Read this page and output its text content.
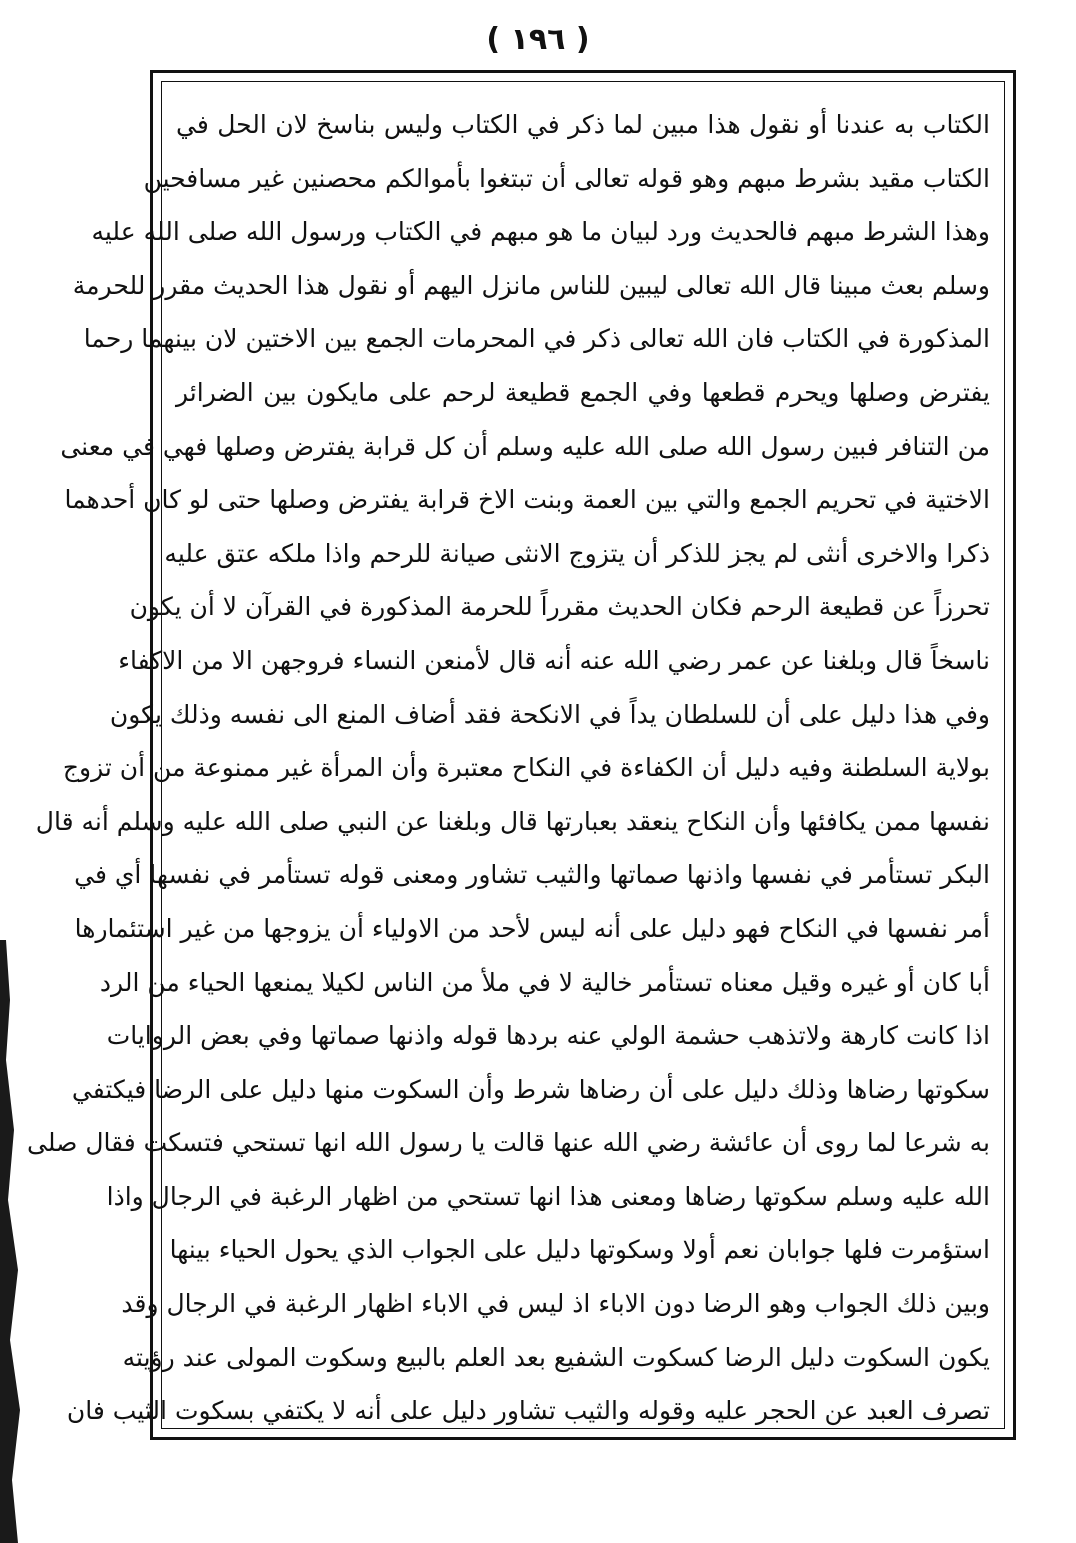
( ١٩٦ )
الكتاب به عندنا أو نقول هذا مبين لما ذكر في الكتاب وليس بناسخ لان الحل في
الكتاب مقيد بشرط مبهم وهو قوله تعالى أن تبتغوا بأموالكم محصنين غير مسافحين
وهذا الشرط مبهم فالحديث ورد لبيان ما هو مبهم في الكتاب ورسول الله صلى الله عليه
وسلم بعث مبينا قال الله تعالى ليبين للناس مانزل اليهم أو نقول هذا الحديث مقرر للحرمة
المذكورة في الكتاب فان الله تعالى ذكر في المحرمات الجمع بين الاختين لان بينهما رحما
يفترض وصلها ويحرم قطعها وفي الجمع قطيعة لرحم على مايكون بين الضرائر
من التنافر فبين رسول الله صلى الله عليه وسلم أن كل قرابة يفترض وصلها فهي في معنى
الاختية في تحريم الجمع والتي بين العمة وبنت الاخ قرابة يفترض وصلها حتى لو كان أحدهما
ذكرا والاخرى أنثى لم يجز للذكر أن يتزوج الانثى صيانة للرحم واذا ملكه عتق عليه
تحرزاً عن قطيعة الرحم فكان الحديث مقرراً للحرمة المذكورة في القرآن لا أن يكون
ناسخاً قال وبلغنا عن عمر رضي الله عنه أنه قال لأمنعن النساء فروجهن الا من الاكفاء
وفي هذا دليل على أن للسلطان يداً في الانكحة فقد أضاف المنع الى نفسه وذلك يكون
بولاية السلطنة وفيه دليل أن الكفاءة في النكاح معتبرة وأن المرأة غير ممنوعة من أن تزوج
نفسها ممن يكافئها وأن النكاح ينعقد بعبارتها قال وبلغنا عن النبي صلى الله عليه وسلم أنه قال
البكر تستأمر في نفسها واذنها صماتها والثيب تشاور ومعنى قوله تستأمر في نفسها أي في
أمر نفسها في النكاح فهو دليل على أنه ليس لأحد من الاولياء أن يزوجها من غير استئمارها
أبا كان أو غيره وقيل معناه تستأمر خالية لا في ملأ من الناس لكيلا يمنعها الحياء من الرد
اذا كانت كارهة ولاتذهب حشمة الولي عنه بردها قوله واذنها صماتها وفي بعض الروايات
سكوتها رضاها وذلك دليل على أن رضاها شرط وأن السكوت منها دليل على الرضا فيكتفي
به شرعا لما روى أن عائشة رضي الله عنها قالت يا رسول الله انها تستحي فتسكت فقال صلى
الله عليه وسلم سكوتها رضاها ومعنى هذا انها تستحي من اظهار الرغبة في الرجال واذا
استؤمرت فلها جوابان نعم أولا وسكوتها دليل على الجواب الذي يحول الحياء بينها
وبين ذلك الجواب وهو الرضا دون الاباء اذ ليس في الاباء اظهار الرغبة في الرجال وقد
يكون السكوت دليل الرضا كسكوت الشفيع بعد العلم بالبيع وسكوت المولى عند رؤيته
تصرف العبد عن الحجر عليه وقوله والثيب تشاور دليل على أنه لا يكتفي بسكوت الثيب فان
